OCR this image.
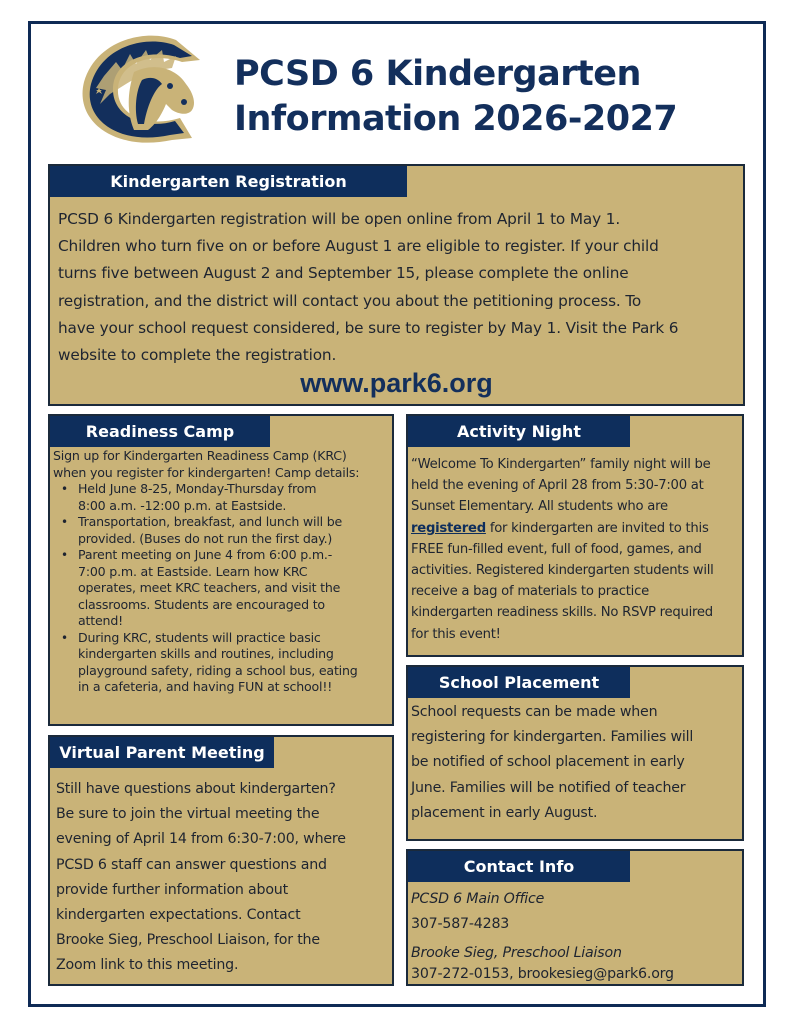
PCSD 6 Kindergarten
Information 2026-2027
Kindergarten Registration
PCSD 6 Kindergarten registration will be open online from April 1 to May 1.
Children who turn five on or before August 1 are eligible to register. If your child
turns five between August 2 and September 15, please complete the online
registration, and the district will contact you about the petitioning process. To
have your school request considered, be sure to register by May 1. Visit the Park 6
website to complete the registration.
www.park6.org
Readiness Camp
Sign up for Kindergarten Readiness Camp (KRC)
when you register for kindergarten! Camp details:
• Held June 8-25, Monday-Thursday from
8:00 a.m. -12:00 p.m. at Eastside.
• Transportation, breakfast, and lunch will be
provided. (Buses do not run the first day.)
• Parent meeting on June 4 from 6:00 p.m.-
7:00 p.m. at Eastside. Learn how KRC
operates, meet KRC teachers, and visit the
classrooms. Students are encouraged to
attend!
• During KRC, students will practice basic
kindergarten skills and routines, including
playground safety, riding a school bus, eating
in a cafeteria, and having FUN at school!!
Virtual Parent Meeting
Still have questions about kindergarten?
Be sure to join the virtual meeting the
evening of April 14 from 6:30-7:00, where
PCSD 6 staff can answer questions and
provide further information about
kindergarten expectations. Contact
Brooke Sieg, Preschool Liaison, for the
Zoom link to this meeting.
Activity Night
“Welcome To Kindergarten” family night will be
held the evening of April 28 from 5:30-7:00 at
Sunset Elementary. All students who are
registered for kindergarten are invited to this
FREE fun-filled event, full of food, games, and
activities. Registered kindergarten students will
receive a bag of materials to practice
kindergarten readiness skills. No RSVP required
for this event!
School Placement
School requests can be made when
registering for kindergarten. Families will
be notified of school placement in early
June. Families will be notified of teacher
placement in early August.
Contact Info
PCSD 6 Main Office
307-587-4283
Brooke Sieg, Preschool Liaison
307-272-0153, brookesieg@park6.org
